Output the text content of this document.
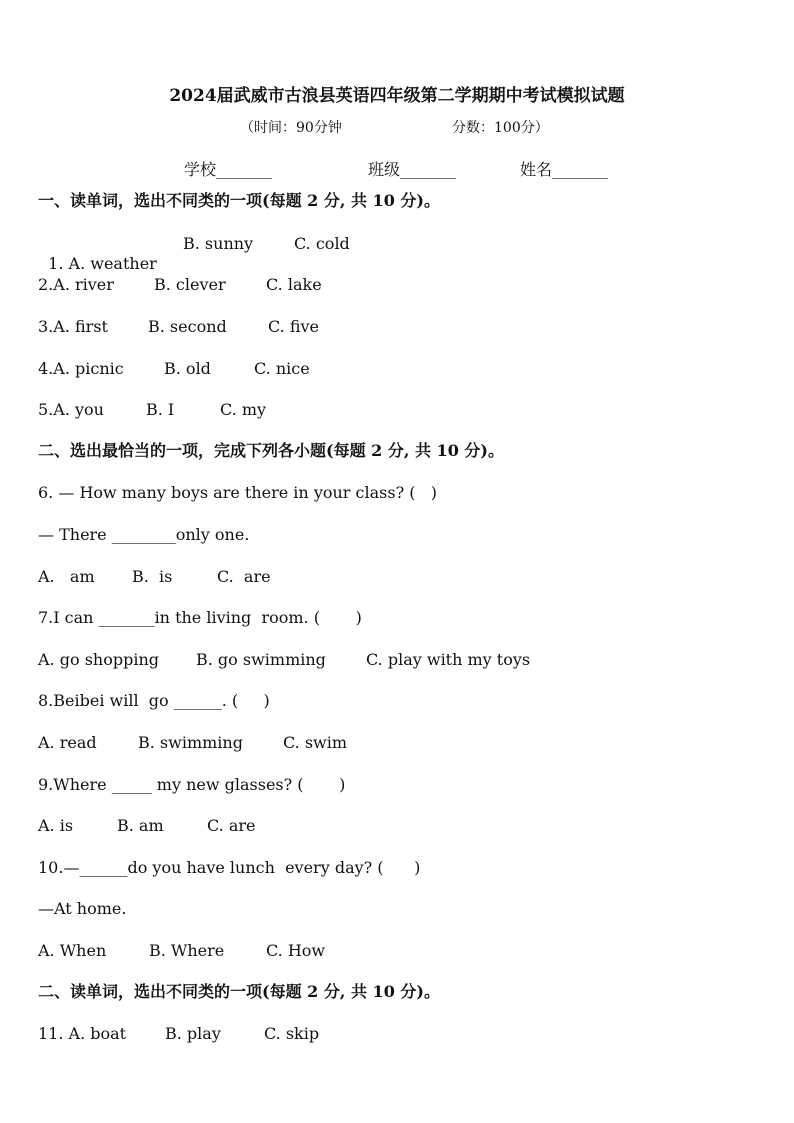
2024届武威市古浪县英语四年级第二学期期中考试模拟试题
（时间：90分钟	分数：100分）
学校_______	班级_______	姓名_______
一、读单词，选出不同类的一项(每题 2 分, 共 10 分)。

1. A. weather

B. sunny	C. cold
2.A. river	B. clever	C. lake
3.A. first	B. second	C. five
4.A. picnic	B. old	C. nice
5.A. you	B. I	C. my
二、选出最恰当的一项，完成下列各小题(每题 2 分, 共 10 分)。
6. — How many boys are there in your class? (   )
— There ________only one.
A.   am B.  is	C.  are
7.I can _______in the living  room. (       )
A. go shopping B. go swimming	C. play with my toys
8.Beibei will  go ______. (     )
A. read	B. swimming	C. swim
9.Where _____ my new glasses? (       )
A. is	B. am	C. are
10.—______do you have lunch  every day? (      )
—At home.
A. When	B. Where	C. How
二、读单词，选出不同类的一项(每题 2 分, 共 10 分)。
11. A. boat B. play	C. skip
